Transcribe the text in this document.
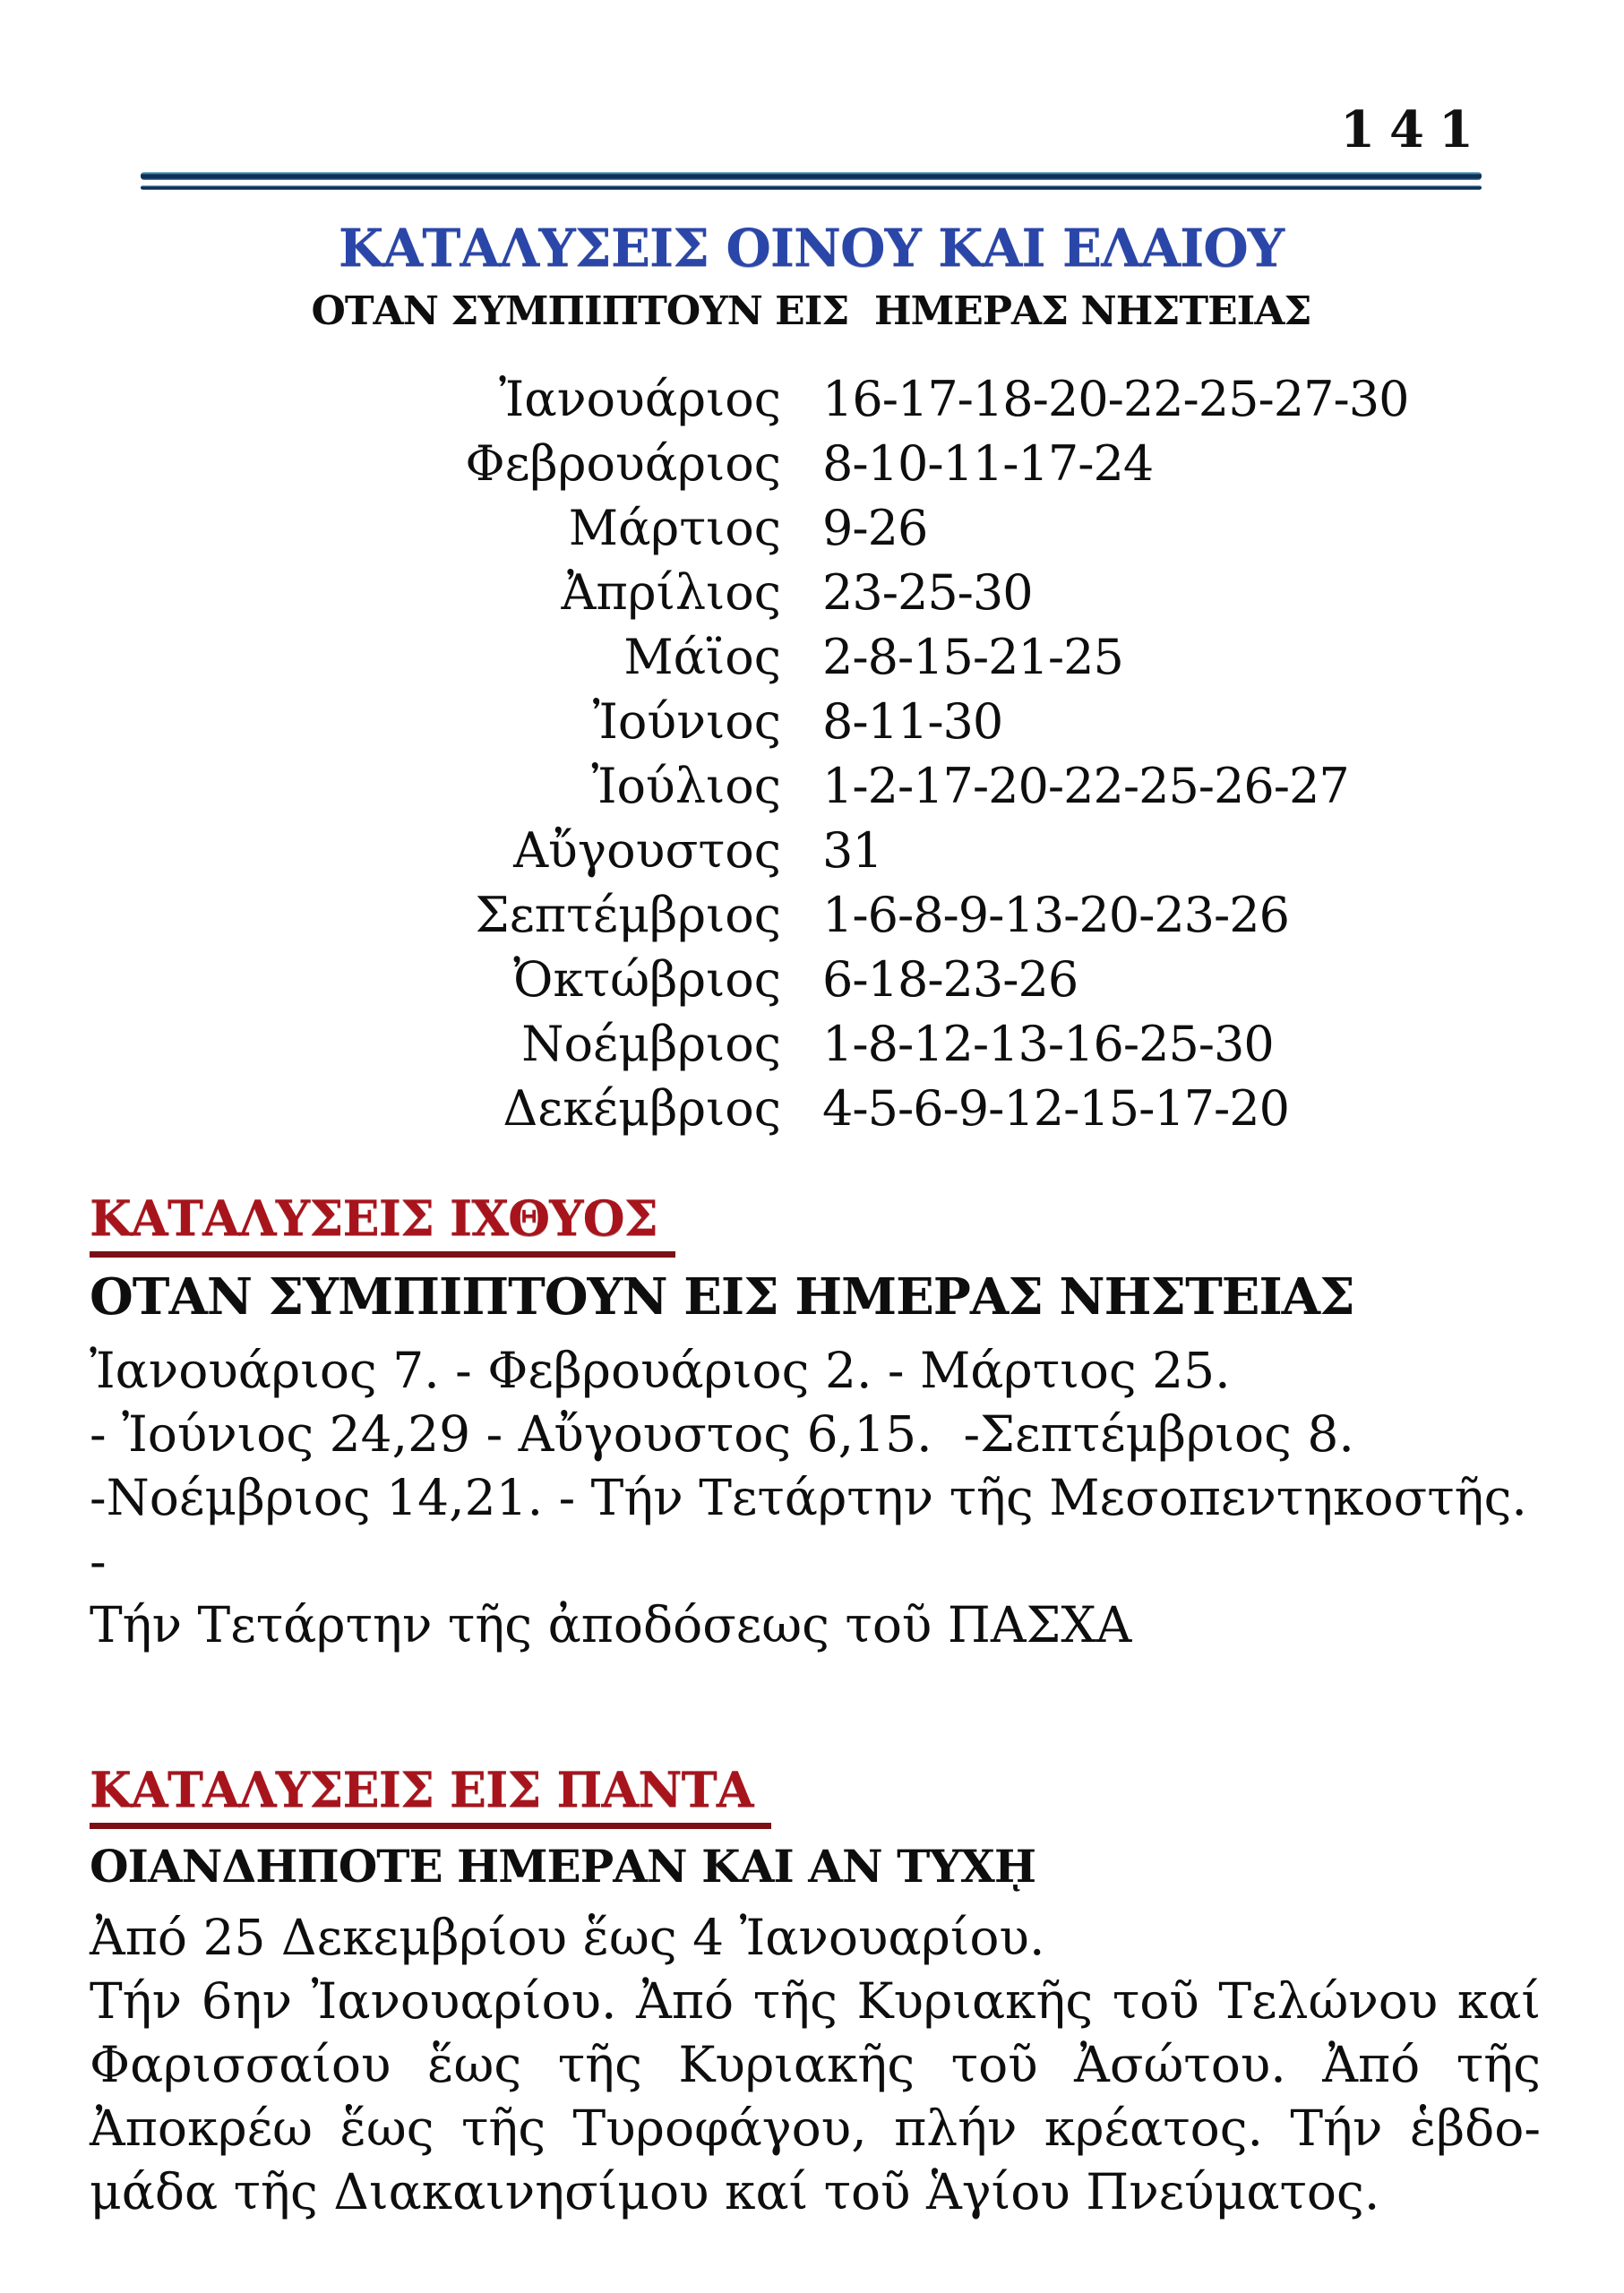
141
ΚΑΤΑΛΥΣΕΙΣ ΟΙΝΟΥ ΚΑΙ ΕΛΑΙΟΥ
ΟΤΑΝ ΣΥΜΠΙΠΤΟΥΝ ΕΙΣ  ΗΜΕΡΑΣ ΝΗΣΤΕΙΑΣ
Ἰανουάριος 16-17-18-20-22-25-27-30
Φεβρουάριος 8-10-11-17-24
Μάρτιος 9-26
Ἀπρίλιος 23-25-30
Μάϊος 2-8-15-21-25
Ἰούνιος 8-11-30
Ἰούλιος 1-2-17-20-22-25-26-27
Αὔγουστος 31
Σεπτέμβριος 1-6-8-9-13-20-23-26
Ὀκτώβριος 6-18-23-26
Νοέμβριος 1-8-12-13-16-25-30
Δεκέμβριος 4-5-6-9-12-15-17-20
ΚΑΤΑΛΥΣΕΙΣ ΙΧΘΥΟΣ
ΟΤΑΝ ΣΥΜΠΙΠΤΟΥΝ ΕΙΣ ΗΜΕΡΑΣ ΝΗΣΤΕΙΑΣ
Ἰανουάριος 7. - Φεβρουάριος 2. - Μάρτιος 25.
- Ἰούνιος 24,29 - Αὔγουστος 6,15.  -Σεπτέμβριος 8.
-Νοέμβριος 14,21. - Τήν Τετάρτην τῆς Μεσοπεντηκοστῆς. -
Τήν Τετάρτην τῆς ἀποδόσεως τοῦ ΠΑΣΧΑ
ΚΑΤΑΛΥΣΕΙΣ ΕΙΣ ΠΑΝΤΑ
ΟΙΑΝΔΗΠΟΤΕ ΗΜΕΡΑΝ ΚΑΙ ΑΝ ΤΥΧῌ
Ἀπό 25 Δεκεμβρίου ἕως 4 Ἰανουαρίου.
Τήν 6ην Ἰανουαρίου. Ἀπό τῆς Κυριακῆς τοῦ Τελώνου καί
Φαρισσαίου ἕως τῆς Κυριακῆς τοῦ Ἀσώτου. Ἀπό τῆς
Ἀποκρέω ἕως τῆς Τυροφάγου, πλήν κρέατος. Τήν ἑβδο-
μάδα τῆς Διακαινησίμου καί τοῦ Ἁγίου Πνεύματος.
